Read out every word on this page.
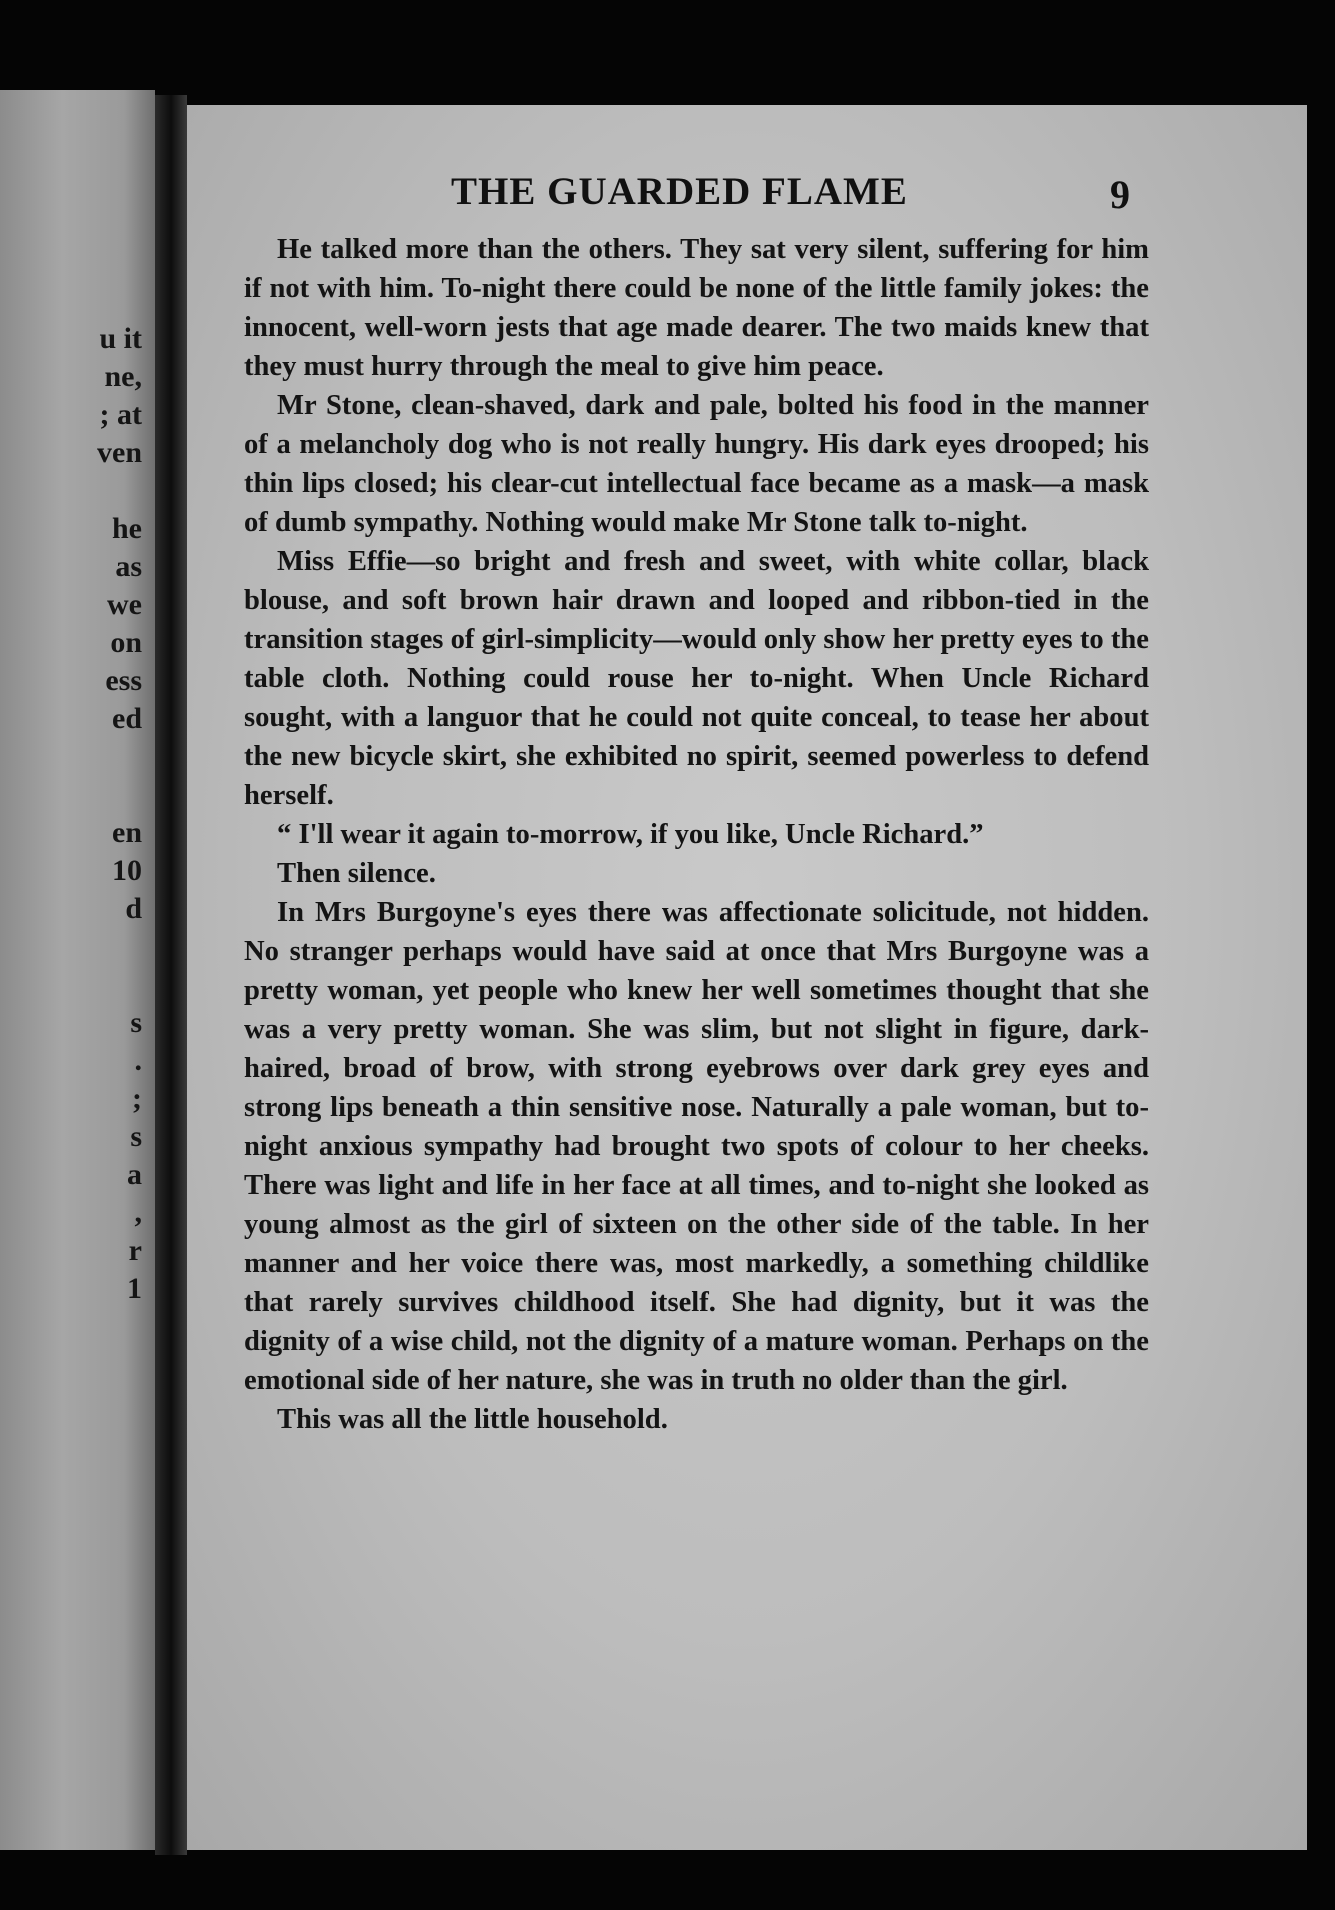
u it
ne,
; at
ven
he
as
we
on
ess
ed
en
10
d
s
.
;
s
a
,
r
1
THE GUARDED FLAME	9

He talked more than the others. They sat very silent, suffering for him if not with him. To-night there could be none of the little family jokes: the innocent, well-worn jests that age made dearer. The two maids knew that they must hurry through the meal to give him peace.

Mr Stone, clean-shaved, dark and pale, bolted his food in the manner of a melancholy dog who is not really hungry. His dark eyes drooped; his thin lips closed; his clear-cut intellectual face became as a mask—a mask of dumb sympathy. Nothing would make Mr Stone talk to-night.

Miss Effie—so bright and fresh and sweet, with white collar, black blouse, and soft brown hair drawn and looped and ribbon-tied in the transition stages of girl-simplicity—would only show her pretty eyes to the table cloth. Nothing could rouse her to-night. When Uncle Richard sought, with a languor that he could not quite conceal, to tease her about the new bicycle skirt, she exhibited no spirit, seemed powerless to defend herself.

“ I'll wear it again to-morrow, if you like, Uncle Richard.”

Then silence.

In Mrs Burgoyne's eyes there was affectionate solicitude, not hidden. No stranger perhaps would have said at once that Mrs Burgoyne was a pretty woman, yet people who knew her well sometimes thought that she was a very pretty woman. She was slim, but not slight in figure, dark-haired, broad of brow, with strong eyebrows over dark grey eyes and strong lips beneath a thin sensitive nose. Naturally a pale woman, but to-night anxious sympathy had brought two spots of colour to her cheeks. There was light and life in her face at all times, and to-night she looked as young almost as the girl of sixteen on the other side of the table. In her manner and her voice there was, most markedly, a something childlike that rarely survives childhood itself. She had dignity, but it was the dignity of a wise child, not the dignity of a mature woman. Perhaps on the emotional side of her nature, she was in truth no older than the girl.

This was all the little household.
